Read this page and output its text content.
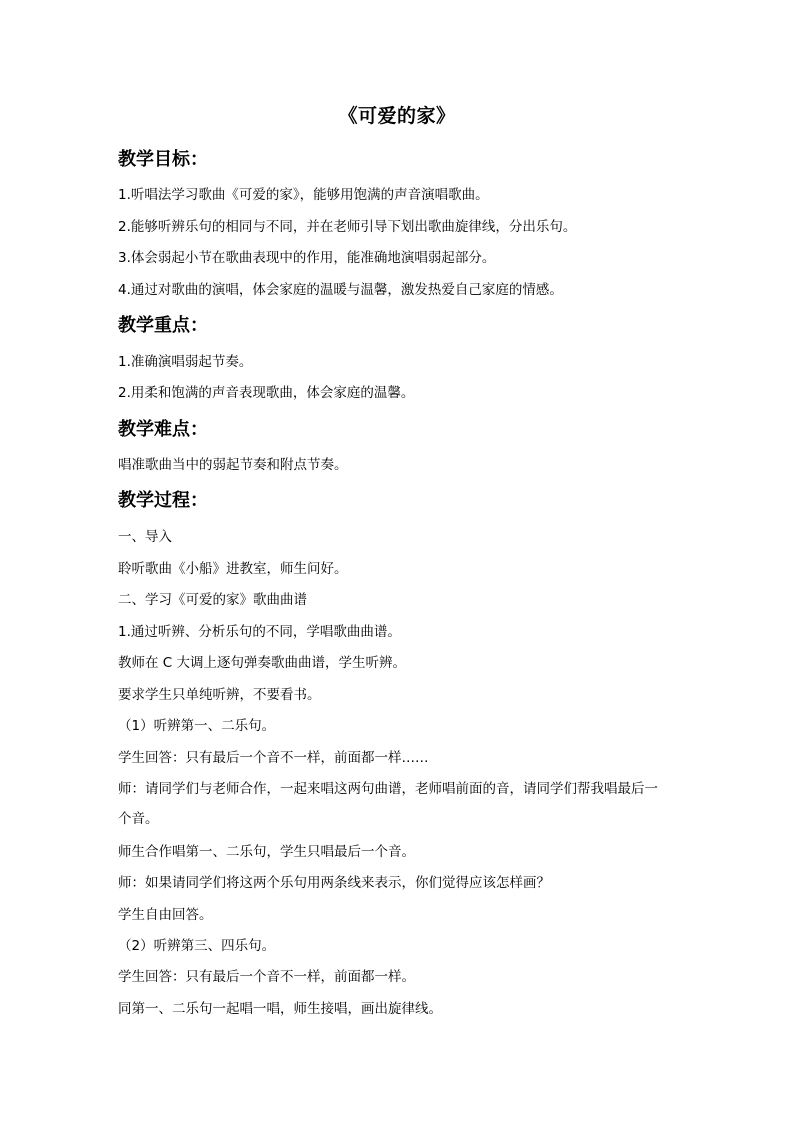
《可爱的家》
教学目标：
1.听唱法学习歌曲《可爱的家》，能够用饱满的声音演唱歌曲。
2.能够听辨乐句的相同与不同，并在老师引导下划出歌曲旋律线，分出乐句。
3.体会弱起小节在歌曲表现中的作用，能准确地演唱弱起部分。
4.通过对歌曲的演唱，体会家庭的温暖与温馨，激发热爱自己家庭的情感。
教学重点：
1.准确演唱弱起节奏。
2.用柔和饱满的声音表现歌曲，体会家庭的温馨。
教学难点：
唱准歌曲当中的弱起节奏和附点节奏。
教学过程：
一、导入
聆听歌曲《小船》进教室，师生问好。
二、学习《可爱的家》歌曲曲谱
1.通过听辨、分析乐句的不同，学唱歌曲曲谱。
教师在 C 大调上逐句弹奏歌曲曲谱，学生听辨。
要求学生只单纯听辨，不要看书。
（1）听辨第一、二乐句。
学生回答：只有最后一个音不一样，前面都一样……
师：请同学们与老师合作，一起来唱这两句曲谱，老师唱前面的音，请同学们帮我唱最后一
个音。
师生合作唱第一、二乐句，学生只唱最后一个音。
师：如果请同学们将这两个乐句用两条线来表示，你们觉得应该怎样画？
学生自由回答。
（2）听辨第三、四乐句。
学生回答：只有最后一个音不一样，前面都一样。
同第一、二乐句一起唱一唱，师生接唱，画出旋律线。
